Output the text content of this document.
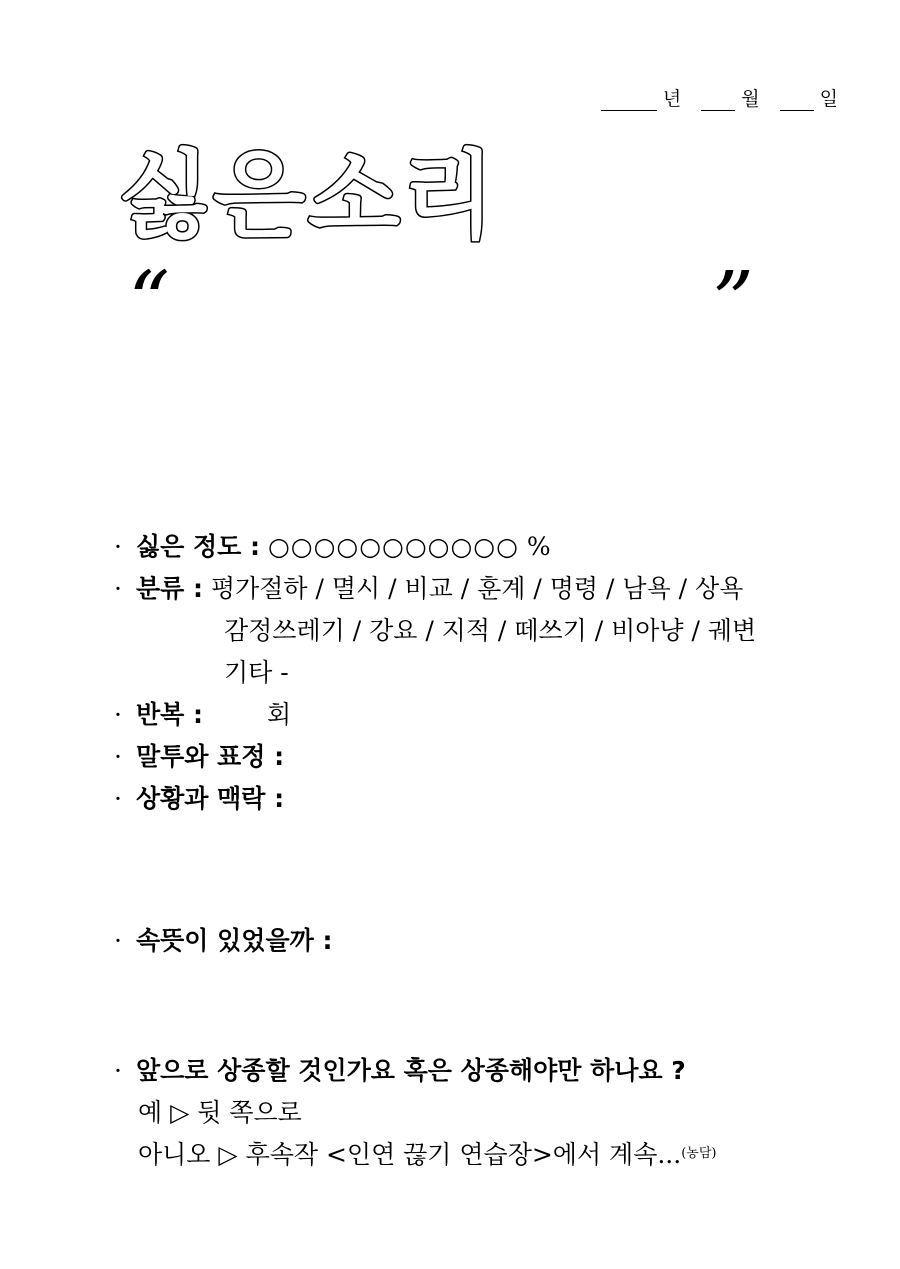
년	월	일
싫은소리
“	”
· 싫은 정도 : ○○○○○○○○○○○ %
· 분류 : 평가절하 / 멸시 / 비교 / 훈계 / 명령 / 남욕 / 상욕
감정쓰레기 / 강요 / 지적 / 떼쓰기 / 비아냥 / 궤변
기타 -
· 반복 :	회
· 말투와 표정 :
· 상황과 맥락 :
· 속뜻이 있었을까 :
· 앞으로 상종할 것인가요 혹은 상종해야만 하나요 ?
예 ▷ 뒷 쪽으로
아니오 ▷ 후속작 <인연 끊기 연습장>에서 계속...$^{(농담)}$
